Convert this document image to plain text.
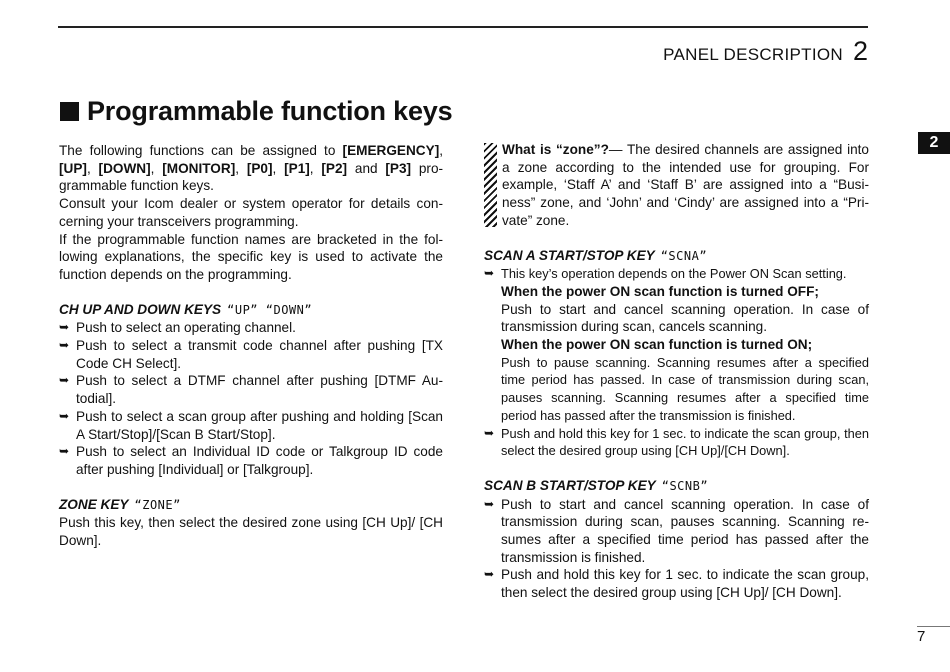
PANEL DESCRIPTION 2
2
Programmable function keys

The following functions can be assigned to [EMERGENCY], [UP], [DOWN], [MONITOR], [P0], [P1], [P2] and [P3] pro-grammable function keys.

Consult your Icom dealer or system operator for details con-cerning your transceivers programming.

If the programmable function names are bracketed in the fol-lowing explanations, the specific key is used to activate the function depends on the programming.

CH UP AND DOWN KEYS “UP” “DOWN”
➥ Push to select an operating channel.
➥ Push to select a transmit code channel after pushing [TX Code CH Select].
➥ Push to select a DTMF channel after pushing [DTMF Au-todial].
➥ Push to select a scan group after pushing and holding [Scan A Start/Stop]/[Scan B Start/Stop].
➥ Push to select an Individual ID code or Talkgroup ID code after pushing [Individual] or [Talkgroup].
ZONE KEY “ZONE”

Push this key, then select the desired zone using [CH Up]/ [CH Down].

What is “zone”?— The desired channels are assigned into a zone according to the intended use for grouping. For example, ‘Staff A’ and ‘Staff B’ are assigned into a “Busi-ness” zone, and ‘John’ and ‘Cindy’ are assigned into a “Pri-vate” zone.
SCAN A START/STOP KEY “SCNA”
➥ This key’s operation depends on the Power ON Scan setting.
When the power ON scan function is turned OFF;

Push to start and cancel scanning operation. In case of transmission during scan, cancels scanning.

When the power ON scan function is turned ON;

Push to pause scanning. Scanning resumes after a specified time period has passed. In case of transmission during scan, pauses scanning. Scanning resumes after a specified time period has passed after the transmission is finished.

➥ Push and hold this key for 1 sec. to indicate the scan group, then select the desired group using [CH Up]/[CH Down].
SCAN B START/STOP KEY “SCNB”
➥ Push to start and cancel scanning operation. In case of transmission during scan, pauses scanning. Scanning re-sumes after a specified time period has passed after the transmission is finished.
➥ Push and hold this key for 1 sec. to indicate the scan group, then select the desired group using [CH Up]/ [CH Down].
7
